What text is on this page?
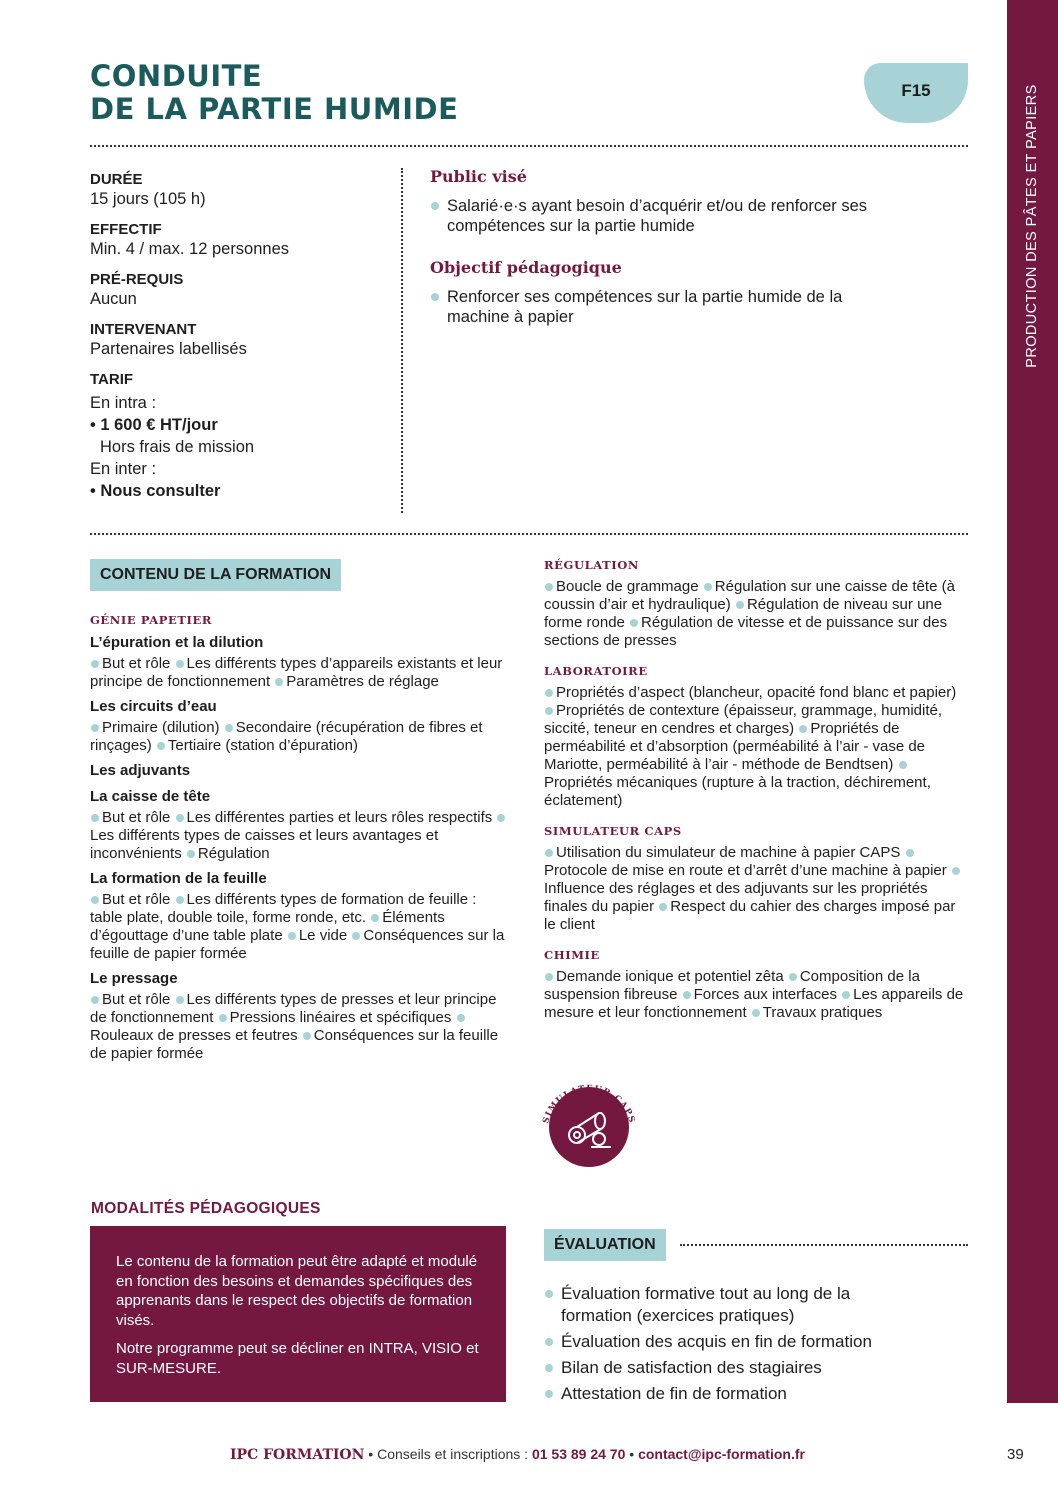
CONDUITE
DE LA PARTIE HUMIDE
F15	PRODUCTION DES PÂTES ET PAPIERS
DURÉE
15 jours (105 h)
EFFECTIF
Min. 4 / max. 12 personnes
PRÉ-REQUIS
Aucun
INTERVENANT
Partenaires labellisés
TARIF
En intra :
• 1 600 € HT/jour
Hors frais de mission
En inter :
• Nous consulter
Public visé
Salarié·e·s ayant besoin d’acquérir et/ou de renforcer ses compétences sur la partie humide
Objectif pédagogique
Renforcer ses compétences sur la partie humide de la machine à papier
CONTENU DE LA FORMATION
GÉNIE PAPETIER
L’épuration et la dilution
But et rôle Les différents types d’appareils existants et leur principe de fonctionnement Paramètres de réglage
Les circuits d’eau
Primaire (dilution) Secondaire (récupération de fibres et rinçages) Tertiaire (station d’épuration)
Les adjuvants
La caisse de tête
But et rôle Les différentes parties et leurs rôles respectifs Les différents types de caisses et leurs avantages et inconvénients Régulation
La formation de la feuille
But et rôle Les différents types de formation de feuille : table plate, double toile, forme ronde, etc. Éléments d’égouttage d’une table plate Le vide Conséquences sur la feuille de papier formée
Le pressage
But et rôle Les différents types de presses et leur principe de fonctionnement Pressions linéaires et spécifiques Rouleaux de presses et feutres Conséquences sur la feuille de papier formée
RÉGULATION
Boucle de grammage Régulation sur une caisse de tête (à coussin d’air et hydraulique) Régulation de niveau sur une forme ronde Régulation de vitesse et de puissance sur des sections de presses
LABORATOIRE
Propriétés d’aspect (blancheur, opacité fond blanc et papier) Propriétés de contexture (épaisseur, grammage, humidité, siccité, teneur en cendres et charges) Propriétés de perméabilité et d’absorption (perméabilité à l’air - vase de Mariotte, perméabilité à l’air - méthode de Bendtsen) Propriétés mécaniques (rupture à la traction, déchirement, éclatement)
SIMULATEUR CAPS
Utilisation du simulateur de machine à papier CAPS Protocole de mise en route et d’arrêt d’une machine à papier Influence des réglages et des adjuvants sur les propriétés finales du papier Respect du cahier des charges imposé par le client
CHIMIE
Demande ionique et potentiel zêta Composition de la suspension fibreuse Forces aux interfaces Les appareils de mesure et leur fonctionnement Travaux pratiques
SIMULATEUR CAPS
MODALITÉS PÉDAGOGIQUES

Le contenu de la formation peut être adapté et modulé en fonction des besoins et demandes spécifiques des apprenants dans le respect des objectifs de formation visés.

Notre programme peut se décliner en INTRA, VISIO et SUR-MESURE.

ÉVALUATION
Évaluation formative tout au long de la formation (exercices pratiques)
Évaluation des acquis en fin de formation
Bilan de satisfaction des stagiaires
Attestation de fin de formation
IPC FORMATION • Conseils et inscriptions : 01 53 89 24 70 • contact@ipc-formation.fr	39
